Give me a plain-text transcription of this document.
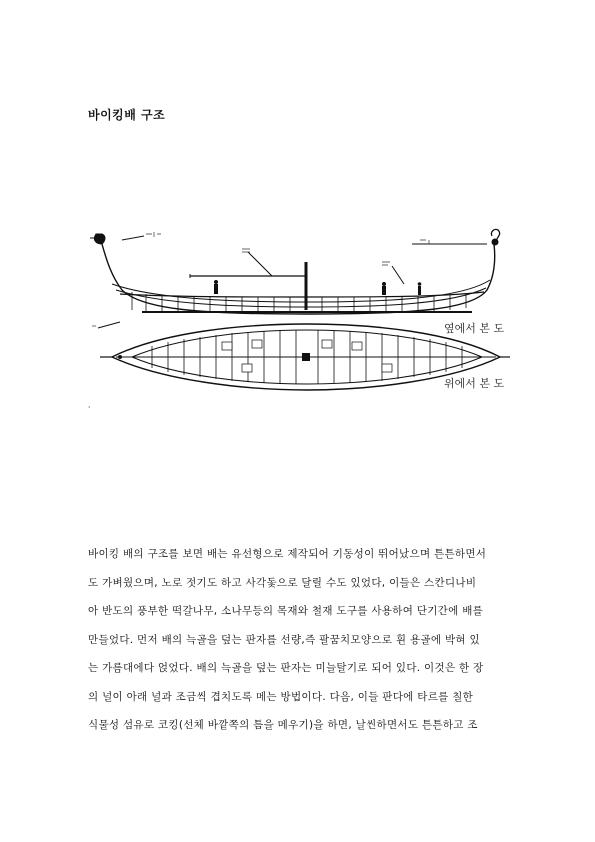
바이킹배 구조
옆에서 본 도
위에서 본 도
,
바이킹 배의 구조를 보면 배는 유선형으로 제작되어 기동성이 뛰어났으며 튼튼하면서
도 가벼웠으며, 노로 젓기도 하고 사각돛으로 달릴 수도 있었다, 이들은 스칸디나비
아 반도의 풍부한 떡갈나무, 소나무등의 목재와 철재 도구를 사용하여 단기간에 배를
만들었다. 먼저 배의 늑골을 덮는 판자를 선량,즉 팔꿈치모양으로 휜 용골에 박혀 있
는 가름대에다 얹었다. 배의 늑골을 덮는 판자는 미늘탈기로 되어 있다. 이것은 한 장
의 널이 아래 널과 조금씩 겹치도록 메는 방법이다. 다음, 이들 판다에 타르를 칠한
식물성 섬유로 코킹(선체 바깥쪽의 틈을 메우기)을 하면, 날씬하면서도 튼튼하고 조
